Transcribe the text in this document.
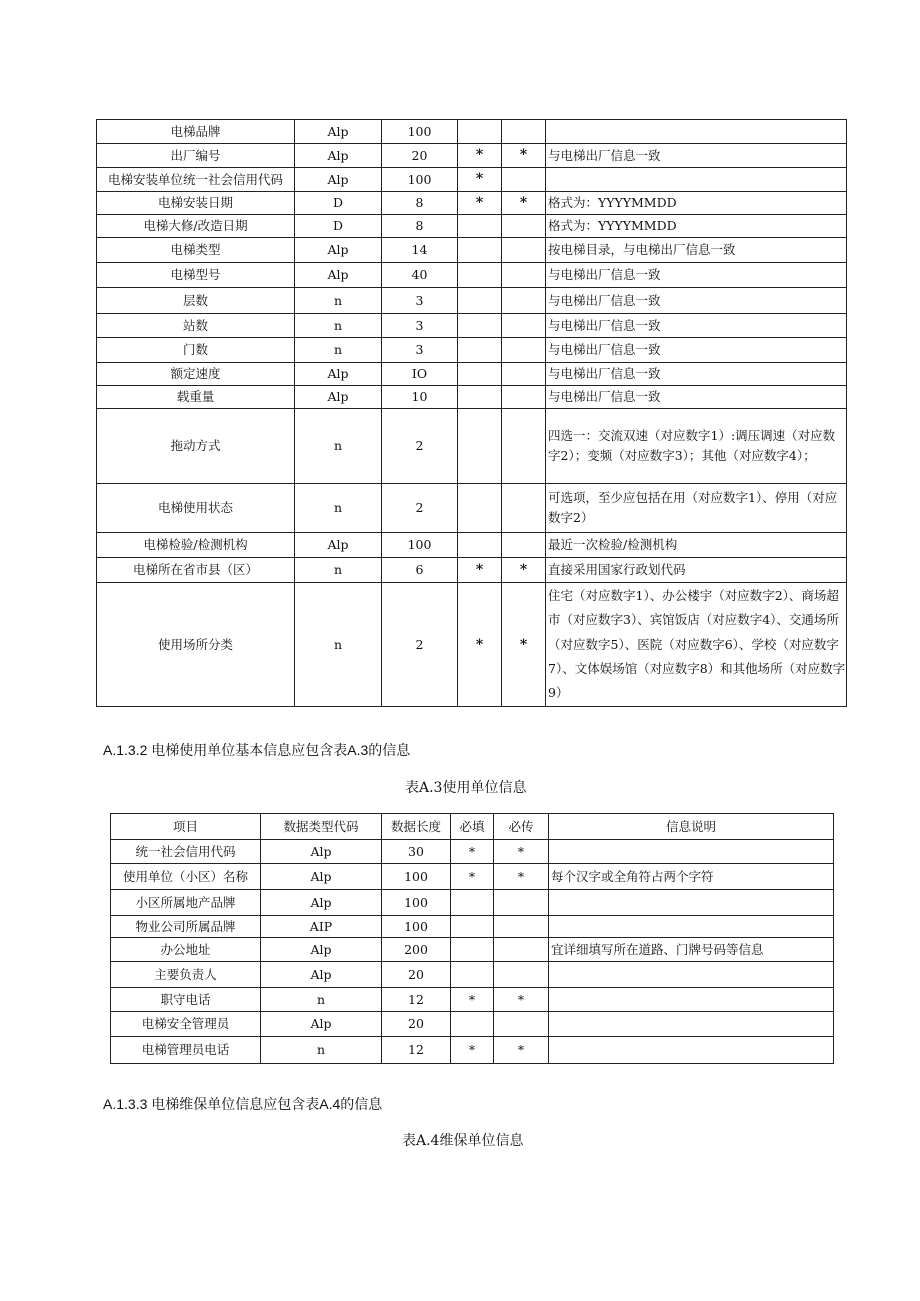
电梯品牌	Alp	100			
出厂编号	Alp	20	*	*	与电梯出厂信息一致
电梯安装单位统一社会信用代码	Alp	100	*		
电梯安装日期	D	8	*	*	格式为：YYYYMMDD
电梯大修/改造日期	D	8			格式为：YYYYMMDD
电梯类型	Alp	14			按电梯目录，与电梯出厂信息一致
电梯型号	Alp	40			与电梯出厂信息一致
层数	n	3			与电梯出厂信息一致
站数	n	3			与电梯出厂信息一致
门数	n	3			与电梯出厂信息一致
额定速度	Alp	IO			与电梯出厂信息一致
载重量	Alp	10			与电梯出厂信息一致
拖动方式	n	2			四选一：交流双速（对应数字1）:调压调速（对应数字2）；变频（对应数字3）；其他（对应数字4）；
电梯使用状态	n	2			可选项，至少应包括在用（对应数字1）、停用（对应数字2）
电梯检验/检测机构	Alp	100			最近一次检验/检测机构
电梯所在省市县（区）	n	6	*	*	直接采用国家行政划代码
使用场所分类	n	2	*	*	住宅（对应数字1）、办公楼宇（对应数字2）、商场超市（对应数字3）、宾馆饭店（对应数字4）、交通场所（对应数字5）、医院（对应数字6）、学校（对应数字7）、文体娱场馆（对应数字8）和其他场所（对应数字9）
A.1.3.2 电梯使用单位基本信息应包含表A.3的信息
表A.3使用单位信息
项目	数据类型代码	数据长度	必填	必传	信息说明
统一社会信用代码	Alp	30	*	*	
使用单位（小区）名称	Alp	100	*	*	每个汉字或全角符占两个字符
小区所属地产品牌	Alp	100			
物业公司所属品牌	AIP	100			
办公地址	Alp	200			宜详细填写所在道路、门牌号码等信息
主要负责人	Alp	20			
职守电话	n	12	*	*	
电梯安全管理员	Alp	20			
电梯管理员电话	n	12	*	*	
A.1.3.3 电梯维保单位信息应包含表A.4的信息
表A.4维保单位信息
